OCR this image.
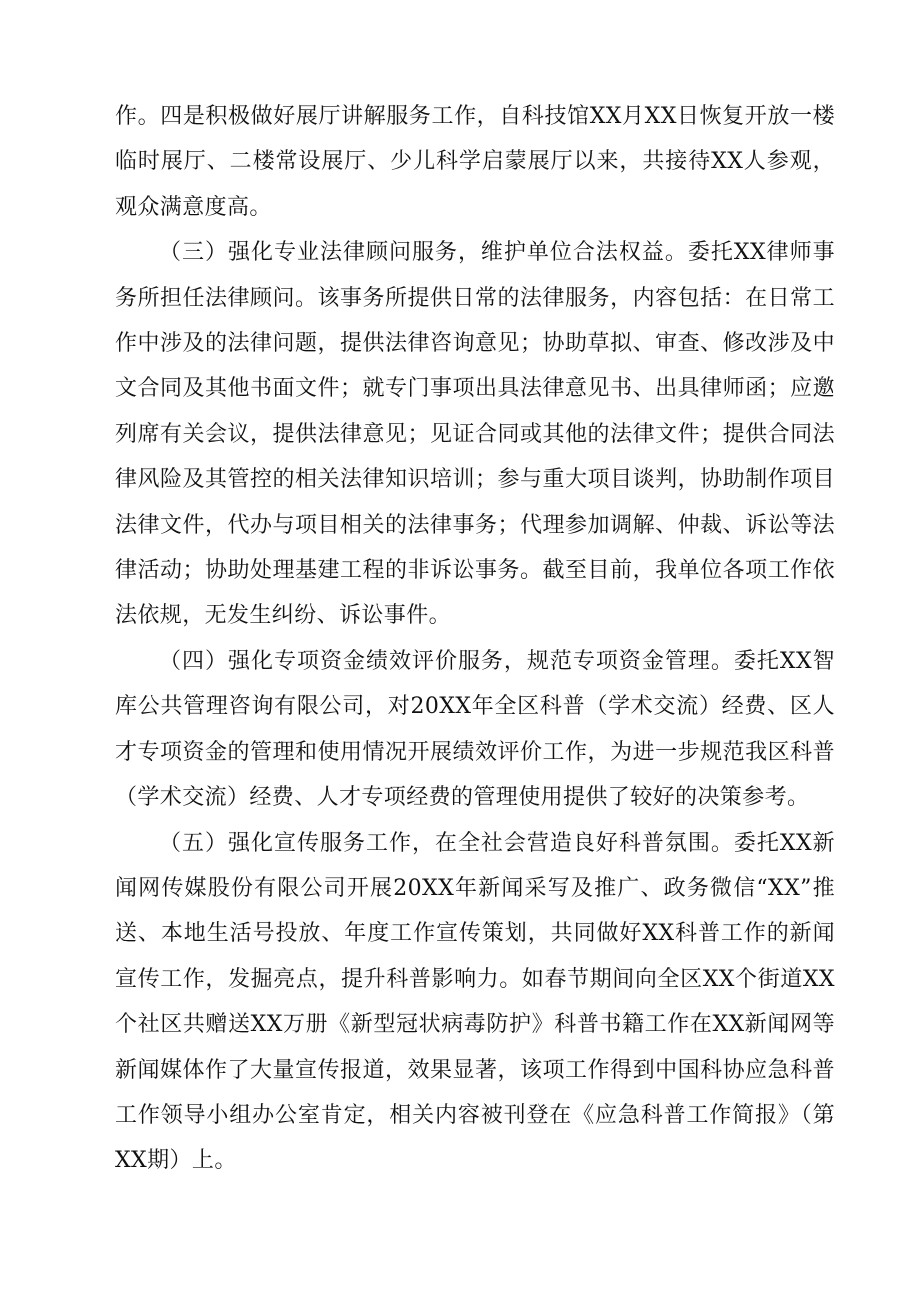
作。四是积极做好展厅讲解服务工作，自科技馆XX月XX日恢复开放一楼临时展厅、二楼常设展厅、少儿科学启蒙展厅以来，共接待XX人参观，观众满意度高。

（三）强化专业法律顾问服务，维护单位合法权益。委托XX律师事务所担任法律顾问。该事务所提供日常的法律服务，内容包括：在日常工作中涉及的法律问题，提供法律咨询意见；协助草拟、审查、修改涉及中文合同及其他书面文件；就专门事项出具法律意见书、出具律师函；应邀列席有关会议，提供法律意见；见证合同或其他的法律文件；提供合同法律风险及其管控的相关法律知识培训；参与重大项目谈判，协助制作项目法律文件，代办与项目相关的法律事务；代理参加调解、仲裁、诉讼等法律活动；协助处理基建工程的非诉讼事务。截至目前，我单位各项工作依法依规，无发生纠纷、诉讼事件。

（四）强化专项资金绩效评价服务，规范专项资金管理。委托XX智库公共管理咨询有限公司，对20XX年全区科普（学术交流）经费、区人才专项资金的管理和使用情况开展绩效评价工作，为进一步规范我区科普（学术交流）经费、人才专项经费的管理使用提供了较好的决策参考。

（五）强化宣传服务工作，在全社会营造良好科普氛围。委托XX新闻网传媒股份有限公司开展20XX年新闻采写及推广、政务微信“XX”推送、本地生活号投放、年度工作宣传策划，共同做好XX科普工作的新闻宣传工作，发掘亮点，提升科普影响力。如春节期间向全区XX个街道XX个社区共赠送XX万册《新型冠状病毒防护》科普书籍工作在XX新闻网等新闻媒体作了大量宣传报道，效果显著，该项工作得到中国科协应急科普工作领导小组办公室肯定，相关内容被刊登在《应急科普工作简报》（第XX期）上。
